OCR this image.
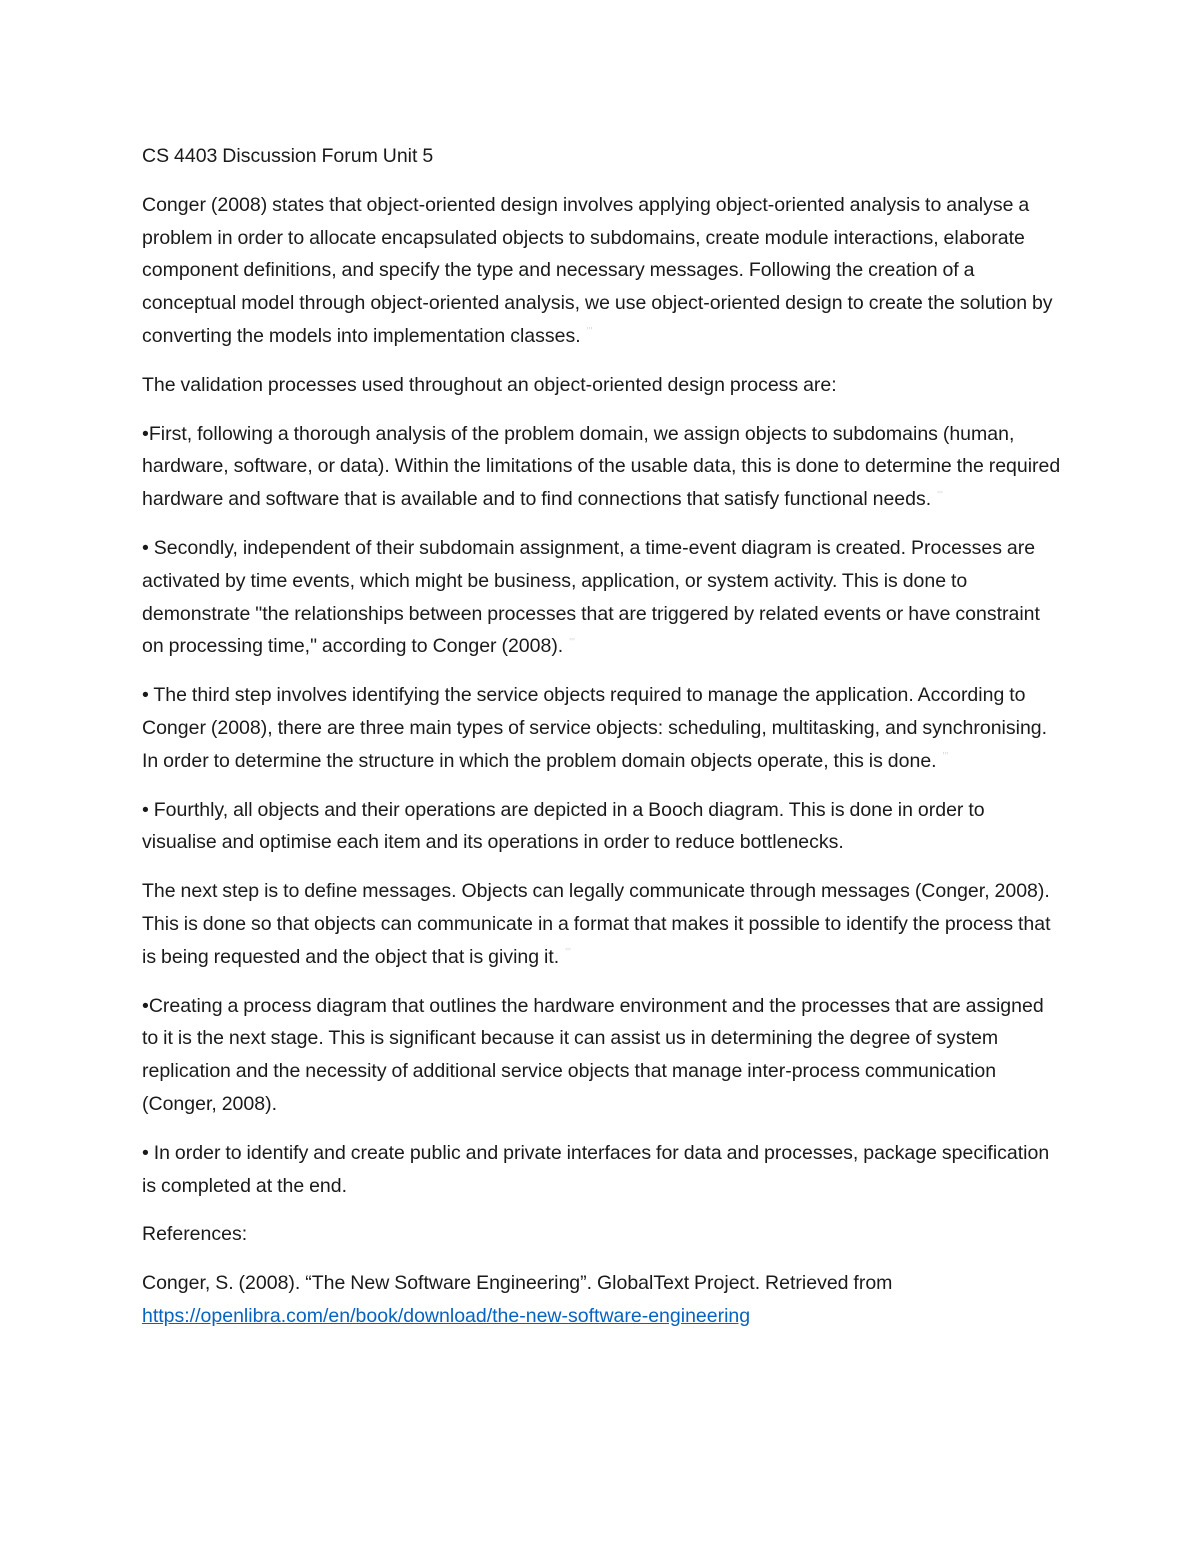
CS 4403 Discussion Forum Unit 5

Conger (2008) states that object-oriented design involves applying object-oriented analysis to analyse a problem in order to allocate encapsulated objects to subdomains, create module interactions, elaborate component definitions, and specify the type and necessary messages. Following the creation of a conceptual model through object-oriented analysis, we use object-oriented design to create the solution by converting the models into implementation classes. '''

The validation processes used throughout an object-oriented design process are:

•First, following a thorough analysis of the problem domain, we assign objects to subdomains (human, hardware, software, or data). Within the limitations of the usable data, this is done to determine the required hardware and software that is available and to find connections that satisfy functional needs. '''

• Secondly, independent of their subdomain assignment, a time-event diagram is created. Processes are activated by time events, which might be business, application, or system activity. This is done to demonstrate "the relationships between processes that are triggered by related events or have constraint on processing time," according to Conger (2008). '''

• The third step involves identifying the service objects required to manage the application. According to Conger (2008), there are three main types of service objects: scheduling, multitasking, and synchronising. In order to determine the structure in which the problem domain objects operate, this is done. '''

• Fourthly, all objects and their operations are depicted in a Booch diagram. This is done in order to visualise and optimise each item and its operations in order to reduce bottlenecks.

The next step is to define messages. Objects can legally communicate through messages (Conger, 2008). This is done so that objects can communicate in a format that makes it possible to identify the process that is being requested and the object that is giving it. '''

•Creating a process diagram that outlines the hardware environment and the processes that are assigned to it is the next stage. This is significant because it can assist us in determining the degree of system replication and the necessity of additional service objects that manage inter-process communication (Conger, 2008).

• In order to identify and create public and private interfaces for data and processes, package specification is completed at the end.

References:

Conger, S. (2008). “The New Software Engineering”. GlobalText Project. Retrieved from
https://openlibra.com/en/book/download/the-new-software-engineering
